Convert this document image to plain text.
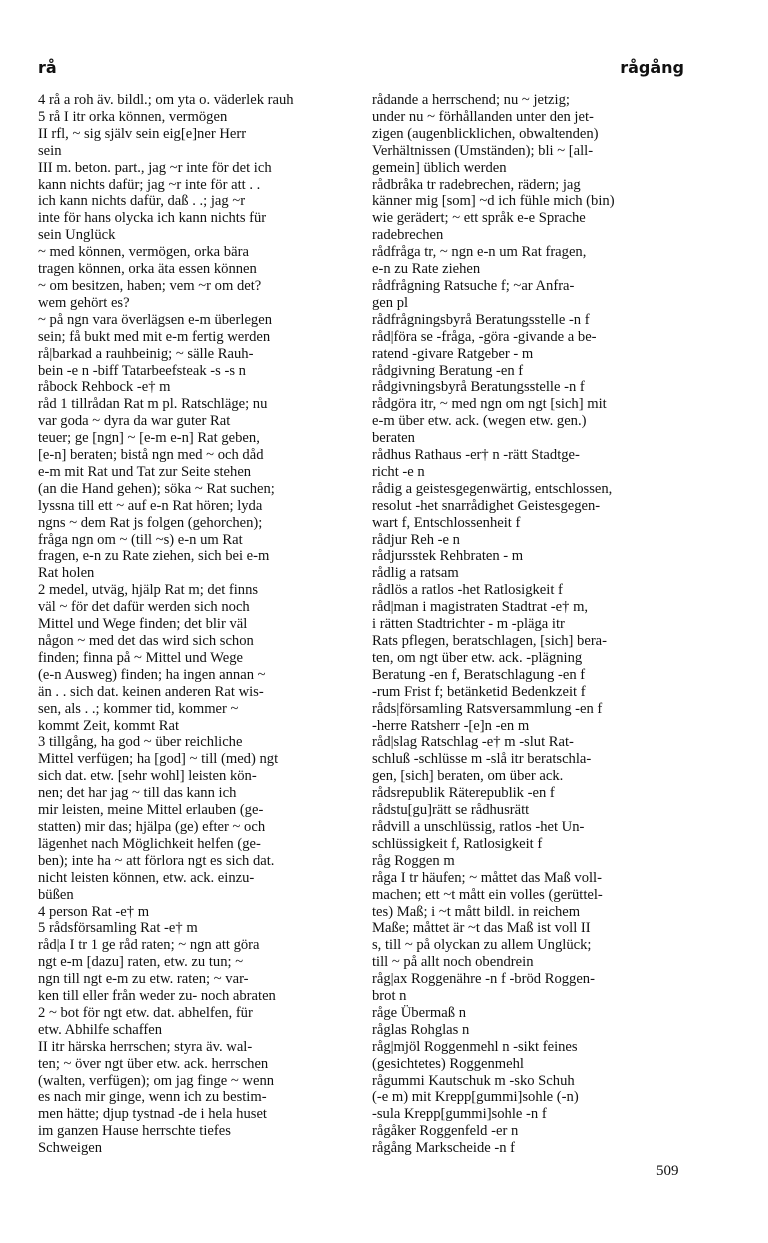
rå	rågång
4 rå a roh äv. bildl.; om yta o. väderlek rauh
5 rå I itr orka können, vermögen
II rfl, ~ sig själv sein eig[e]ner Herr
sein
III m. beton. part., jag ~r inte för det ich
kann nichts dafür; jag ~r inte för att . .
ich kann nichts dafür, daß . .; jag ~r
inte för hans olycka ich kann nichts für
sein Unglück
~ med können, vermögen, orka bära
tragen können, orka äta essen können
~ om besitzen, haben; vem ~r om det?
wem gehört es?
~ på ngn vara överlägsen e-m überlegen
sein; få bukt med mit e-m fertig werden
rå|barkad a rauhbeinig; ~ sälle Rauh-
bein -e n -biff Tatarbeefsteak -s -s n
råbock Rehbock -e† m
råd 1 tillrådan Rat m pl. Ratschläge; nu
var goda ~ dyra da war guter Rat
teuer; ge [ngn] ~ [e-m e-n] Rat geben,
[e-n] beraten; bistå ngn med ~ och dåd
e-m mit Rat und Tat zur Seite stehen
(an die Hand gehen); söka ~ Rat suchen;
lyssna till ett ~ auf e-n Rat hören; lyda
ngns ~ dem Rat js folgen (gehorchen);
fråga ngn om ~ (till ~s) e-n um Rat
fragen, e-n zu Rate ziehen, sich bei e-m
Rat holen
2 medel, utväg, hjälp Rat m; det finns
väl ~ för det dafür werden sich noch
Mittel und Wege finden; det blir väl
någon ~ med det das wird sich schon
finden; finna på ~ Mittel und Wege
(e-n Ausweg) finden; ha ingen annan ~
än . . sich dat. keinen anderen Rat wis-
sen, als . .; kommer tid, kommer ~
kommt Zeit, kommt Rat
3 tillgång, ha god ~ über reichliche
Mittel verfügen; ha [god] ~ till (med) ngt
sich dat. etw. [sehr wohl] leisten kön-
nen; det har jag ~ till das kann ich
mir leisten, meine Mittel erlauben (ge-
statten) mir das; hjälpa (ge) efter ~ och
lägenhet nach Möglichkeit helfen (ge-
ben); inte ha ~ att förlora ngt es sich dat.
nicht leisten können, etw. ack. einzu-
büßen
4 person Rat -e† m
5 rådsförsamling Rat -e† m
råd|a I tr 1 ge råd raten; ~ ngn att göra
ngt e-m [dazu] raten, etw. zu tun; ~
ngn till ngt e-m zu etw. raten; ~ var-
ken till eller från weder zu- noch abraten
2 ~ bot för ngt etw. dat. abhelfen, für
etw. Abhilfe schaffen
II itr härska herrschen; styra äv. wal-
ten; ~ över ngt über etw. ack. herrschen
(walten, verfügen); om jag finge ~ wenn
es nach mir ginge, wenn ich zu bestim-
men hätte; djup tystnad -de i hela huset
im ganzen Hause herrschte tiefes
Schweigen
rådande a herrschend; nu ~ jetzig;
under nu ~ förhållanden unter den jet-
zigen (augenblicklichen, obwaltenden)
Verhältnissen (Umständen); bli ~ [all-
gemein] üblich werden
rådbråka tr radebrechen, rädern; jag
känner mig [som] ~d ich fühle mich (bin)
wie gerädert; ~ ett språk e-e Sprache
radebrechen
rådfråga tr, ~ ngn e-n um Rat fragen,
e-n zu Rate ziehen
rådfrågning Ratsuche f; ~ar Anfra-
gen pl
rådfrågningsbyrå Beratungsstelle -n f
råd|föra se -fråga, -göra -givande a be-
ratend -givare Ratgeber - m
rådgivning Beratung -en f
rådgivningsbyrå Beratungsstelle -n f
rådgöra itr, ~ med ngn om ngt [sich] mit
e-m über etw. ack. (wegen etw. gen.)
beraten
rådhus Rathaus -er† n -rätt Stadtge-
richt -e n
rådig a geistesgegenwärtig, entschlossen,
resolut -het snarrådighet Geistesgegen-
wart f, Entschlossenheit f
rådjur Reh -e n
rådjursstek Rehbraten - m
rådlig a ratsam
rådlös a ratlos -het Ratlosigkeit f
råd|man i magistraten Stadtrat -e† m,
i rätten Stadtrichter - m -pläga itr
Rats pflegen, beratschlagen, [sich] bera-
ten, om ngt über etw. ack. -plägning
Beratung -en f, Beratschlagung -en f
-rum Frist f; betänketid Bedenkzeit f
råds|församling Ratsversammlung -en f
-herre Ratsherr -[e]n -en m
råd|slag Ratschlag -e† m -slut Rat-
schluß -schlüsse m -slå itr beratschla-
gen, [sich] beraten, om über ack.
rådsrepublik Räterepublik -en f
rådstu[gu]rätt se rådhusrätt
rådvill a unschlüssig, ratlos -het Un-
schlüssigkeit f, Ratlosigkeit f
råg Roggen m
råga I tr häufen; ~ måttet das Maß voll-
machen; ett ~t mått ein volles (gerüttel-
tes) Maß; i ~t mått bildl. in reichem
Maße; måttet är ~t das Maß ist voll II
s, till ~ på olyckan zu allem Unglück;
till ~ på allt noch obendrein
råg|ax Roggenähre -n f -bröd Roggen-
brot n
råge Übermaß n
råglas Rohglas n
råg|mjöl Roggenmehl n -sikt feines
(gesichtetes) Roggenmehl
rågummi Kautschuk m -sko Schuh
(-e m) mit Krepp[gummi]sohle (-n)
-sula Krepp[gummi]sohle -n f
rågåker Roggenfeld -er n
rågång Markscheide -n f
509
